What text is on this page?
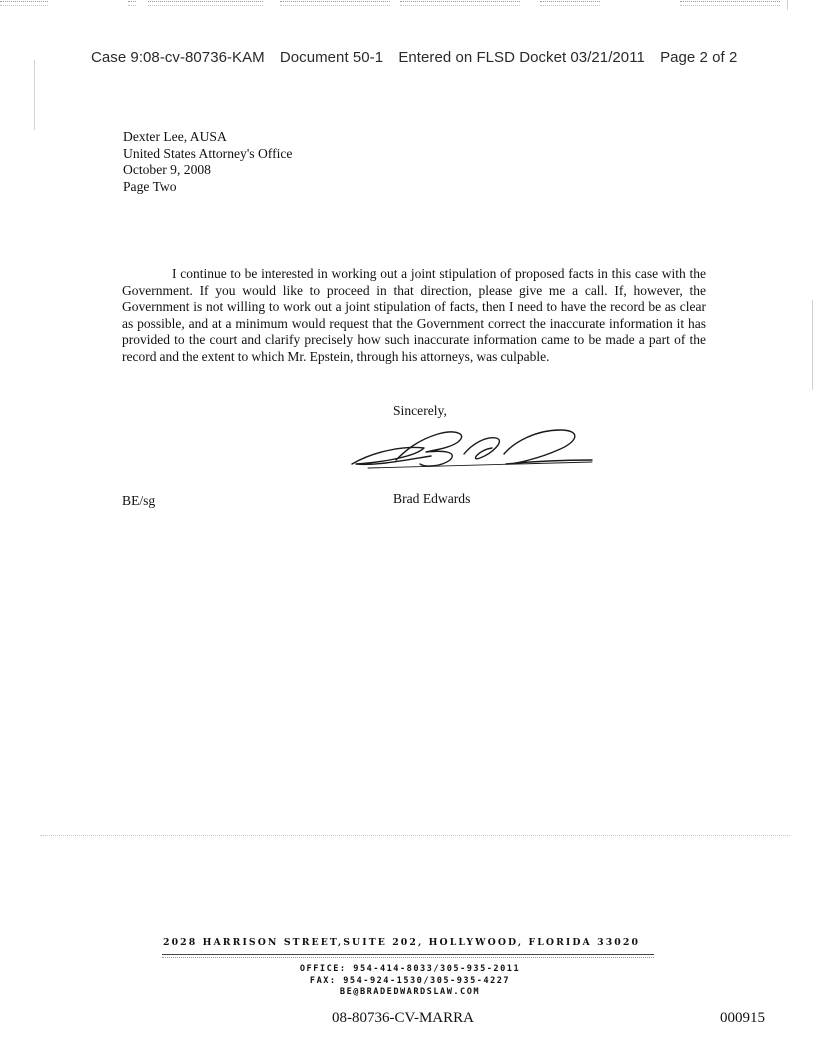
Case 9:08-cv-80736-KAM Document 50-1 Entered on FLSD Docket 03/21/2011 Page 2 of 2
Dexter Lee, AUSA
United States Attorney's Office
October 9, 2008
Page Two

I continue to be interested in working out a joint stipulation of proposed facts in this case with the Government. If you would like to proceed in that direction, please give me a call. If, however, the Government is not willing to work out a joint stipulation of facts, then I need to have the record be as clear as possible, and at a minimum would request that the Government correct the inaccurate information it has provided to the court and clarify precisely how such inaccurate information came to be made a part of the record and the extent to which Mr. Epstein, through his attorneys, was culpable.

Sincerely,
BE/sg	Brad Edwards
2028 HARRISON STREET,SUITE 202, HOLLYWOOD, FLORIDA 33020
OFFICE: 954-414-8033/305-935-2011
FAX: 954-924-1530/305-935-4227
BE@BRADEDWARDSLAW.COM
08-80736-CV-MARRA	000915
